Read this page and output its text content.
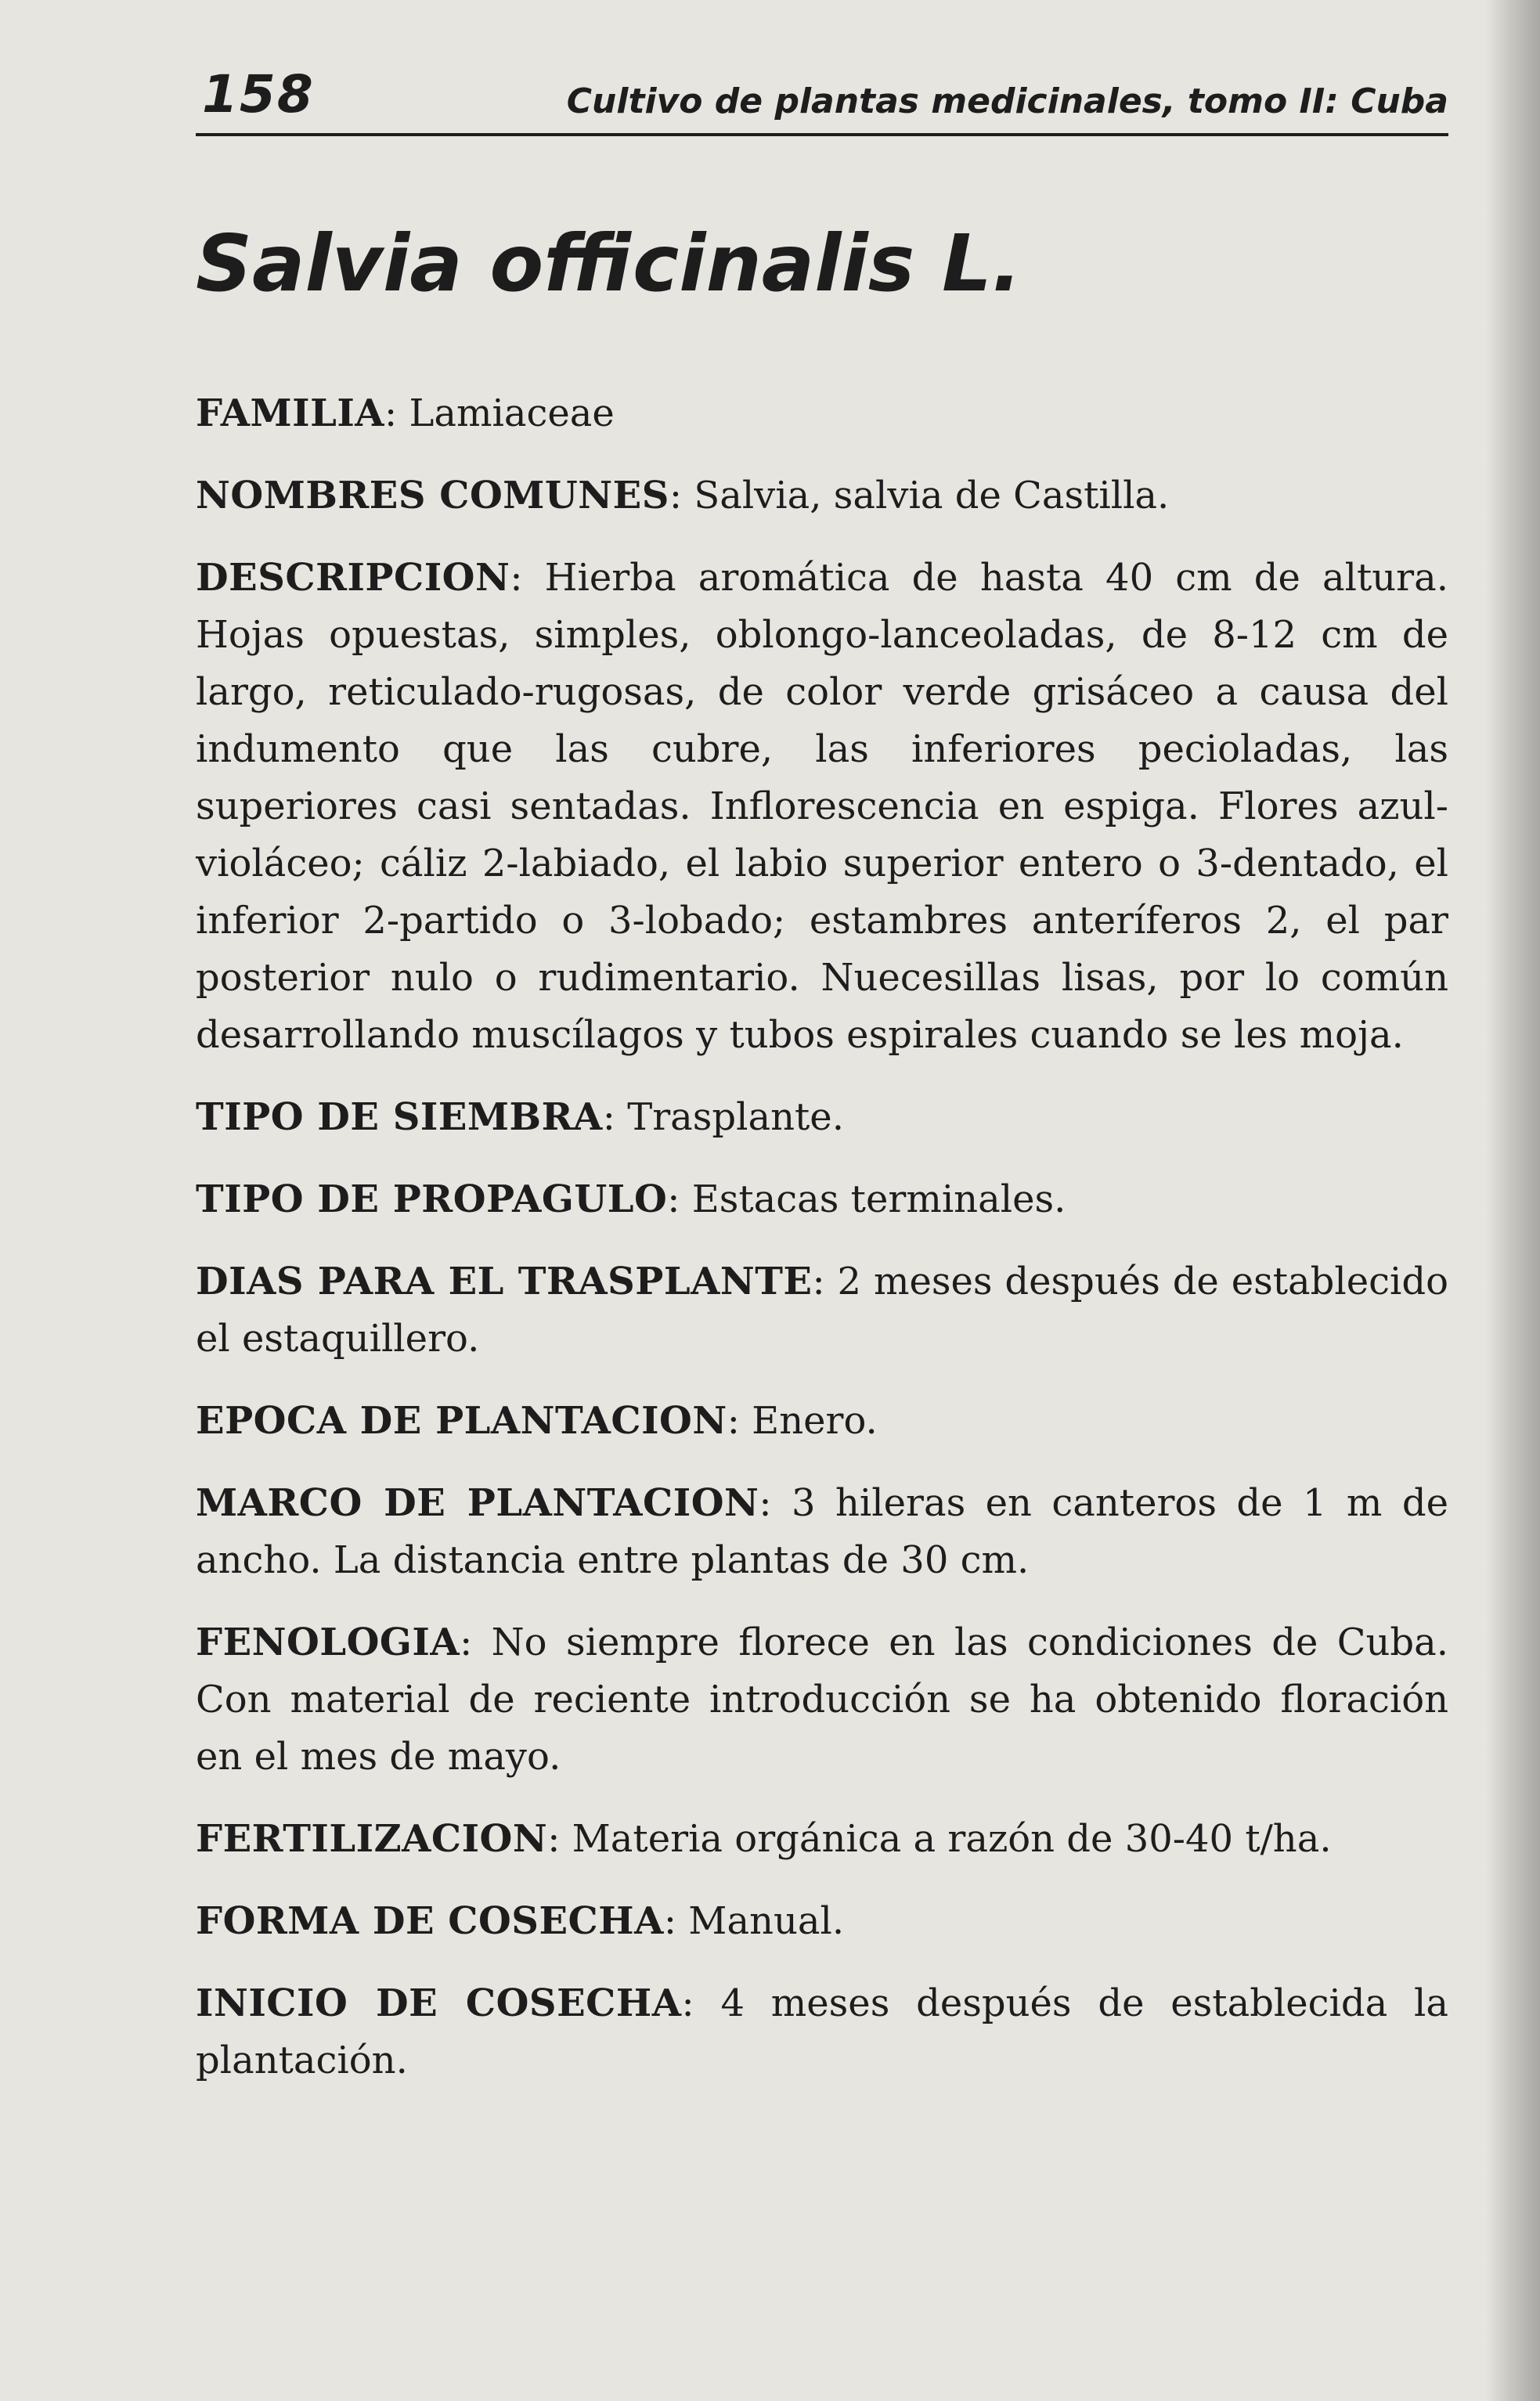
158	Cultivo de plantas medicinales, tomo II: Cuba
Salvia officinalis L.

FAMILIA: Lamiaceae

NOMBRES COMUNES: Salvia, salvia de Castilla.

DESCRIPCION: Hierba aromática de hasta 40 cm de altura. Hojas opuestas, simples, oblongo-lanceoladas, de 8-12 cm de largo, reticulado-rugosas, de color verde grisáceo a causa del indumento que las cubre, las inferiores pecioladas, las superiores casi sentadas. Inflorescencia en espiga. Flores azul-violáceo; cáliz 2-labiado, el labio superior entero o 3-dentado, el inferior 2-partido o 3-lobado; estambres anteríferos 2, el par posterior nulo o rudimentario. Nuecesillas lisas, por lo común desarrollando muscílagos y tubos espirales cuando se les moja.

TIPO DE SIEMBRA: Trasplante.

TIPO DE PROPAGULO: Estacas terminales.

DIAS PARA EL TRASPLANTE: 2 meses después de establecido el estaquillero.

EPOCA DE PLANTACION: Enero.

MARCO DE PLANTACION: 3 hileras en canteros de 1 m de ancho. La distancia entre plantas de 30 cm.

FENOLOGIA: No siempre florece en las condiciones de Cuba. Con material de reciente introducción se ha obtenido floración en el mes de mayo.

FERTILIZACION: Materia orgánica a razón de 30-40 t/ha.

FORMA DE COSECHA: Manual.

INICIO DE COSECHA: 4 meses después de establecida la plantación.
